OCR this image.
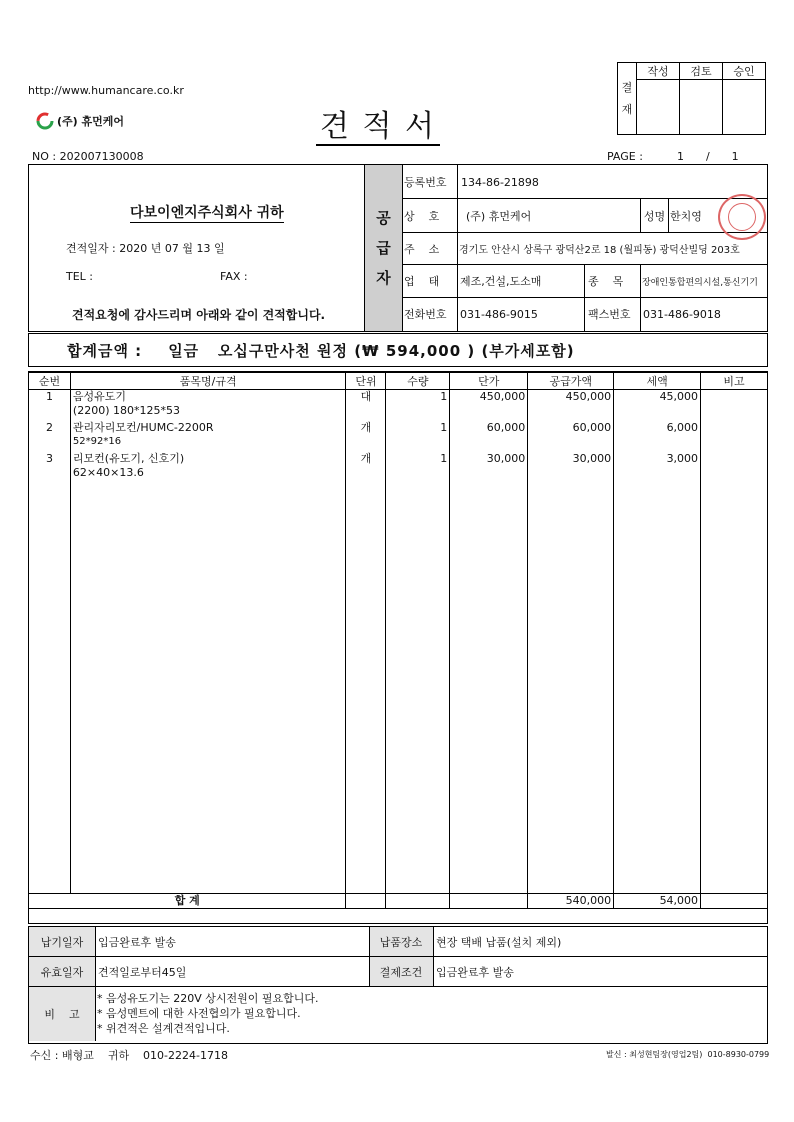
http://www.humancare.co.kr
(주) 휴먼케어	견 적 서
결
재	작성	검토	승인

NO : 202007130008	PAGE :	1 / 1
공
급
자
다보이엔지주식회사 귀하
견적일자 : 2020 년 07 월 13 일
TEL :	FAX :
견적요청에 감사드리며 아래와 같이 견적합니다.
등록번호	134-86-21898
상    호	(주) 휴먼케어	성명 한치영
주    소	경기도 안산시 상록구 광덕산2로 18 (월피동) 광덕산빌딩 203호
업    태	제조,건설,도소매	종    목	장애인통합편의시설,통신기기
전화번호	031-486-9015	팩스번호	031-486-9018
합계금액 : 일금   오십구만사천 원정 (₩ 594,000 ) (부가세포함)
순번	품목명/규격	단위	수량	단가	공급가액	세액	비고
1	음성유도기
(2200) 180*125*53	대	1	450,000	450,000	45,000	
2	관리자리모컨/HUMC-2200R
52*92*16	개	1	60,000	60,000	6,000	
3	리모컨(유도기, 신호기)
62×40×13.6	개	1	30,000	30,000	3,000	

합 계					540,000	54,000	
납기일자	입금완료후 발송	납품장소	현장 택배 납품(설치 제외)
유효일자	견적일로부터45일	결제조건	입금완료후 발송
비    고
* 음성유도기는 220V 상시전원이 필요합니다.
* 음성멘트에 대한 사전협의가 필요합니다.
* 위견적은 설계견적입니다.
수신 : 배형교    귀하    010-2224-1718	발신 : 최성현팀장(영업2팀)  010-8930-0799
